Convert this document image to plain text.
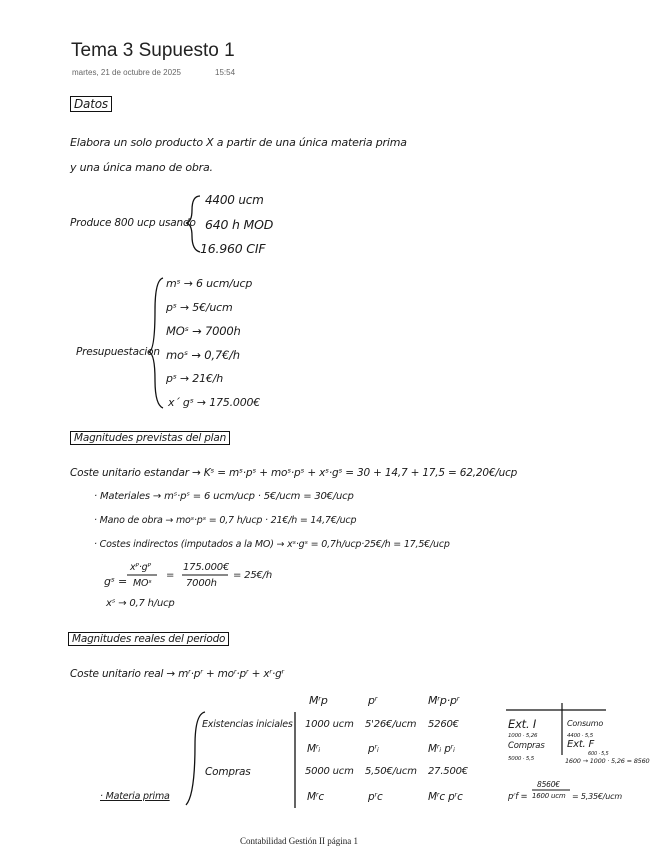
Tema 3 Supuesto 1
martes, 21 de octubre de 2025	15:54
Datos
Elabora un solo producto X a partir de una única materia prima
y una única mano de obra.
Produce 800 ucp usando
4400 ucm
640 h MOD
16.960 CIF
Presupuestacion
mˢ → 6 ucm/ucp
pˢ → 5€/ucm
MOˢ → 7000h
moˢ → 0,7€/h
pˢ → 21€/h
x´ gˢ → 175.000€
Magnitudes previstas del plan
Coste unitario estandar → Kˢ = mˢ·pˢ + moˢ·pˢ + xˢ·gˢ = 30 + 14,7 + 17,5 = 62,20€/ucp
· Materiales → mˢ·pˢ = 6 ucm/ucp · 5€/ucm = 30€/ucp
· Mano de obra → moˢ·pˢ = 0,7 h/ucp · 21€/h = 14,7€/ucp
· Costes indirectos (imputados a la MO) → xˢ·gˢ = 0,7h/ucp·25€/h = 17,5€/ucp
gˢ =
xᴾ·gᴾ
MOˢ
=
175.000€
7000h
= 25€/h
xˢ → 0,7 h/ucp
Magnitudes reales del periodo
Coste unitario real → mʳ·pʳ + moʳ·pʳ + xʳ·gʳ
Mʳp	pʳ	Mʳp·pʳ
Existencias iniciales 1000 ucm 5'26€/ucm 5260€
Mʳᵢ	pʳᵢ	Mʳᵢ pʳᵢ
Compras	5000 ucm 5,50€/ucm 27.500€
Mʳc	pʳc	Mʳc pʳc
· Materia prima
Ext. I
1000 · 5,26
Compras
5000 · 5,5
Consumo
4400 · 5,5
Ext. F
600 · 5,5
1600 → 1000 · 5,26 = 8560
8560€
pʳf = 1600 ucm = 5,35€/ucm
Contabilidad Gestión II página 1
